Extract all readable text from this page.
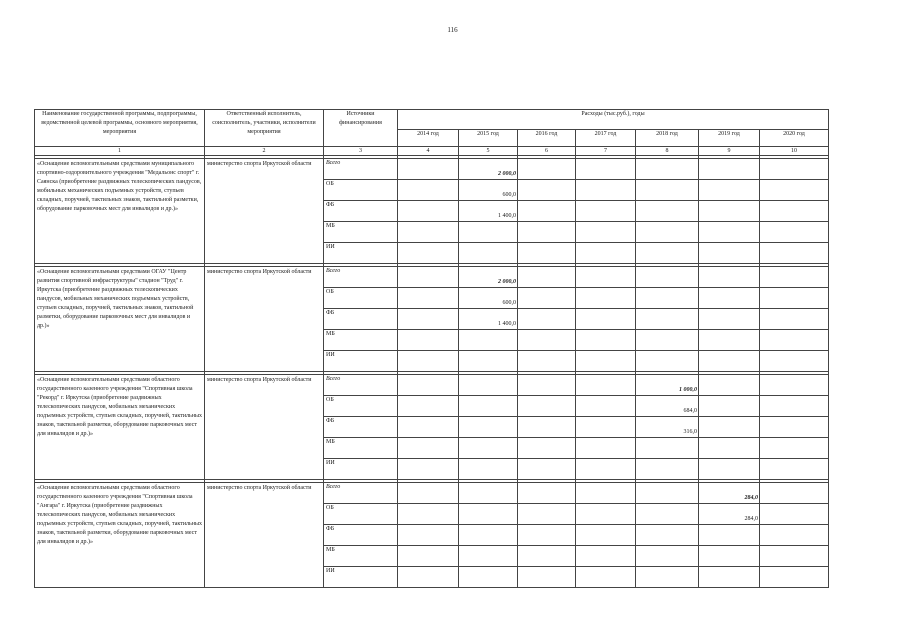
116
Наименование государственной программы, подпрограммы, ведомственной целевой программы, основного мероприятия, мероприятия	Ответственный исполнитель, соисполнитель, участники, исполнители мероприятия	Источники финансирования	Расходы (тыс.руб.), годы						
			2014 год	2015 год	2016 год	2017 год	2018 год	2019 год	2020 год
1	2	3	4	5	6	7	8	9	10

«Оснащение вспомогательными средствами муниципального спортивно-оздоровительного учреждения "Медальонс спорт" г. Саянска (приобретение раздвижных телескопических пандусов, мобильных механических подъемных устройств, ступьев складных, поручней, тактильных знаков, тактильной разметки, оборудование парковочных мест для инвалидов и др.)»	министерство спорта Иркутской области	Всего		2 000,0					
		ОБ		600,0					
		ФБ		1 400,0					
		МБ							
		ИИ							

«Оснащение вспомогательными средствами ОГАУ "Центр развития спортивной инфраструктуры" стадион "Труд" г. Иркутска (приобретение раздвижных телескопических пандусов, мобильных механических подъемных устройств, ступьев складных, поручней, тактильных знаков, тактильной разметки, оборудование парковочных мест для инвалидов и др.)»	министерство спорта Иркутской области	Всего		2 000,0					
		ОБ		600,0					
		ФБ		1 400,0					
		МБ							
		ИИ							

«Оснащение вспомогательными средствами областного государственного казенного учреждения "Спортивная школа "Рекорд" г. Иркутска (приобретение раздвижных телескопических пандусов, мобильных механических подъемных устройств, ступьев складных, поручней, тактильных знаков, тактильной разметки, оборудование парковочных мест для инвалидов и др.)»	министерство спорта Иркутской области	Всего					1 000,0		
		ОБ					684,0		
		ФБ					316,0		
		МБ							
		ИИ							

«Оснащение вспомогательными средствами областного государственного казенного учреждения "Спортивная школа "Ангара" г. Иркутска (приобретение раздвижных телескопических пандусов, мобильных механических подъемных устройств, ступьев складных, поручней, тактильных знаков, тактильной разметки, оборудование парковочных мест для инвалидов и др.)»	министерство спорта Иркутской области	Всего						284,0	
		ОБ						284,0	
		ФБ							
		МБ							
		ИИ							
